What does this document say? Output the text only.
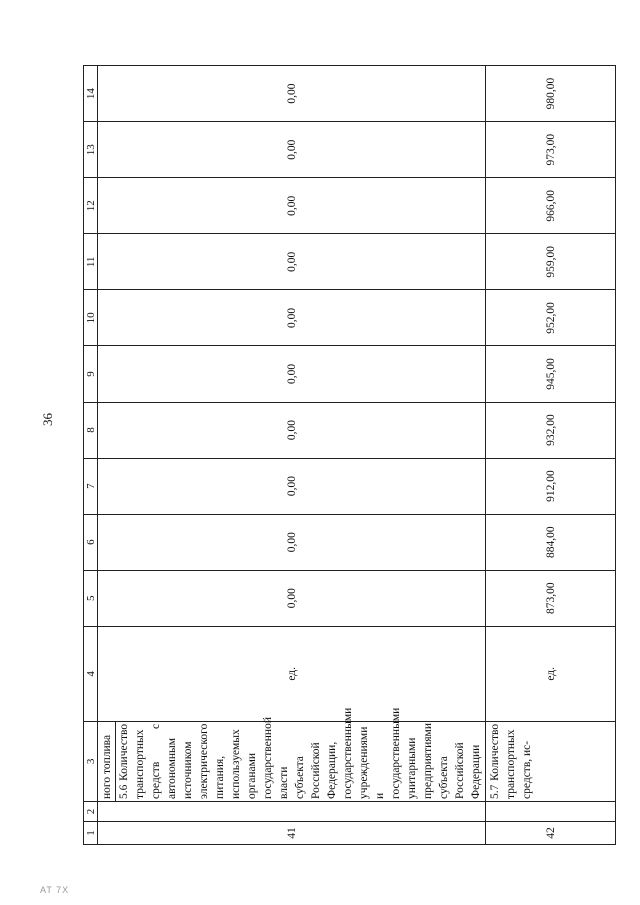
36
AT 7X
1	2	3	4	5	6	7	8	9	10	11	12	13	14
41		ного топлива 5.6 Количество транспортных средств с автономным источником электрического питания, используемых органами государственной власти субъекта Российской Федерации, государственными учреждениями и государственными унитарными предприятиями субъекта Российской Федерации	ед.	0,00	0,00	0,00	0,00	0,00	0,00	0,00	0,00	0,00	0,00
42		5.7 Количество транспортных средств, ис-	ед.	873,00	884,00	912,00	932,00	945,00	952,00	959,00	966,00	973,00	980,00
